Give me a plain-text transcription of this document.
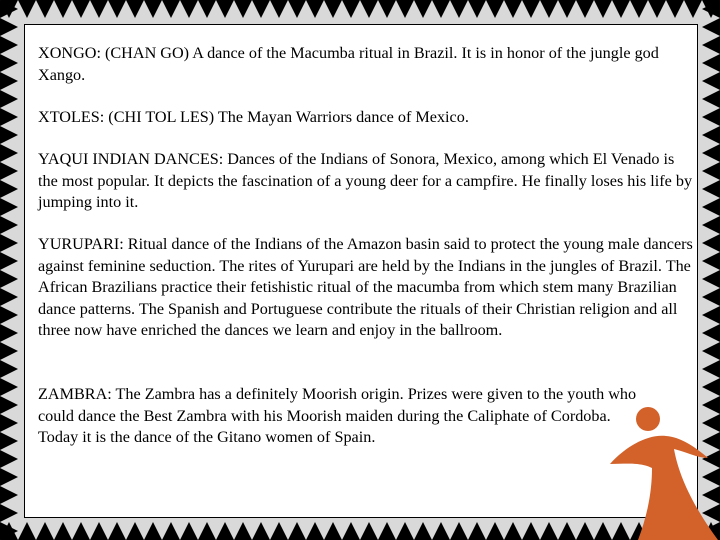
XONGO: (CHAN GO) A dance of the Macumba ritual in Brazil. It is in honor of the jungle god Xango.

XTOLES: (CHI TOL LES) The Mayan Warriors dance of Mexico.

YAQUI INDIAN DANCES: Dances of the Indians of Sonora, Mexico, among which El Venado is the most popular. It depicts the fascination of a young deer for a campfire. He finally loses his life by jumping into it.

YURUPARI: Ritual dance of the Indians of the Amazon basin said to protect the young male dancers against feminine seduction. The rites of Yurupari are held by the Indians in the jungles of Brazil. The African Brazilians practice their fetishistic ritual of the macumba from which stem many Brazilian dance patterns. The Spanish and Portuguese contribute the rituals of their Christian religion and all three now have enriched the dances we learn and enjoy in the ballroom.

ZAMBRA: The Zambra has a definitely Moorish origin. Prizes were given to the youth who could dance the Best Zambra with his Moorish maiden during the Caliphate of Cordoba. Today it is the dance of the Gitano women of Spain.
